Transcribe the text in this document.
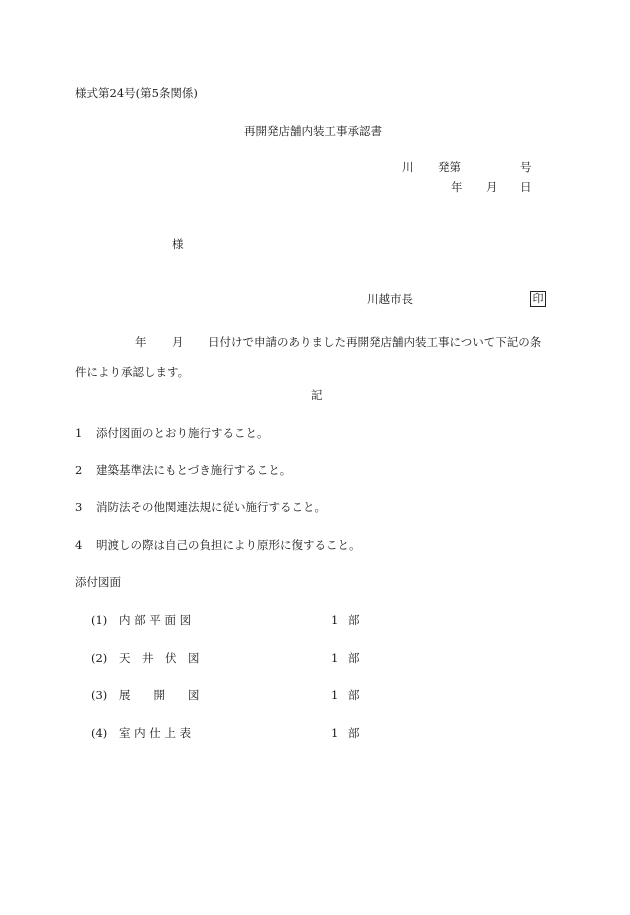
様式第24号(第5条関係)
再開発店舗内装工事承認書
川 発第	号
年 月 日
様
川越市長	印
年 月 日付けで申請のありました再開発店舗内装工事について下記の条
件により承認します。
記
1 添付図面のとおり施行すること。
2 建築基準法にもとづき施行すること。
3 消防法その他関連法規に従い施行すること。
4 明渡しの際は自己の負担により原形に復すること。
添付図面
(1) 内 部 平 面 図	1 部
(2) 天　井　伏　図	1 部
(3) 展　　開　　図	1 部
(4) 室 内 仕 上 表	1 部
